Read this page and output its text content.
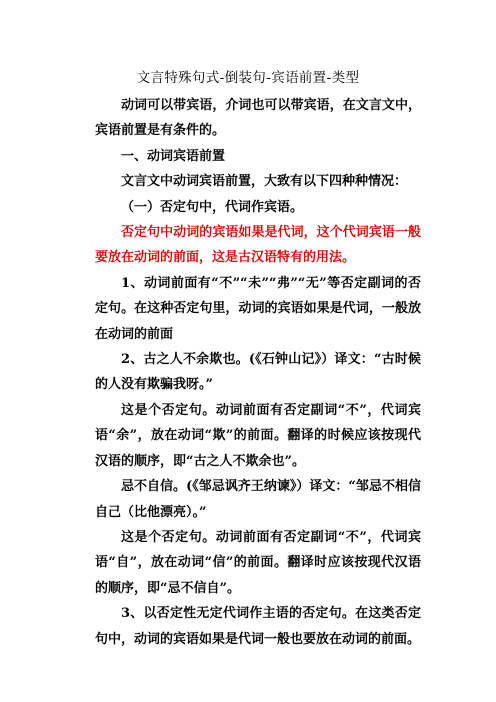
文言特殊句式-倒装句-宾语前置-类型

动词可以带宾语，介词也可以带宾语，在文言文中，宾语前置是有条件的。

一、动词宾语前置

文言文中动词宾语前置，大致有以下四种种情况：

（一）否定句中，代词作宾语。

否定句中动词的宾语如果是代词，这个代词宾语一般要放在动词的前面，这是古汉语特有的用法。

1、动词前面有“不”“未”“弗”“无”等否定副词的否定句。在这种否定句里，动词的宾语如果是代词，一般放在动词的前面

2、古之人不余欺也。(《石钟山记》）译文：“古时候的人没有欺骗我呀。”

这是个否定句。动词前面有否定副词“不”，代词宾语“余”，放在动词“欺”的前面。翻译的时候应该按现代汉语的顺序，即“古之人不欺余也”。

忌不自信。(《邹忌讽齐王纳谏》）译文：“邹忌不相信自己（比他漂亮）。”

这是个否定句。动词前面有否定副词“不”，代词宾语“自”，放在动词“信”的前面。翻译时应该按现代汉语的顺序，即“忌不信自”。

3、以否定性无定代词作主语的否定句。在这类否定句中，动词的宾语如果是代词一般也要放在动词的前面。
